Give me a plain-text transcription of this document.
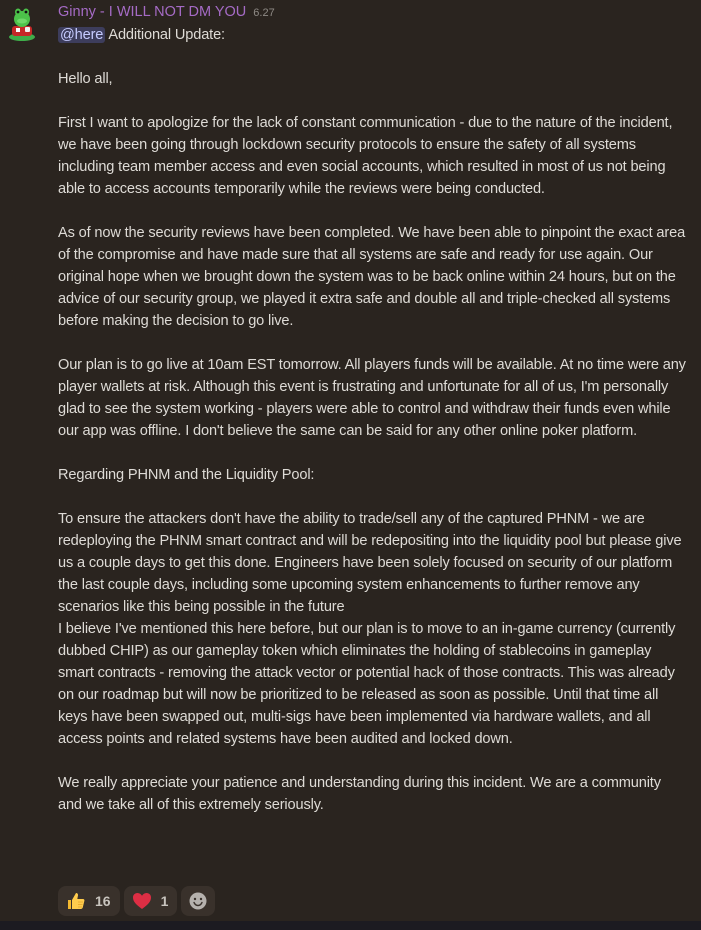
Ginny - I WILL NOT DM YOU 6.27

@here Additional Update:

Hello all,

First I want to apologize for the lack of constant communication - due to the nature of the incident, we have been going through lockdown security protocols to ensure the safety of all systems including team member access and even social accounts, which resulted in most of us not being able to access accounts temporarily while the reviews were being conducted.

As of now the security reviews have been completed. We have been able to pinpoint the exact area of the compromise and have made sure that all systems are safe and ready for use again. Our original hope when we brought down the system was to be back online within 24 hours, but on the advice of our security group, we played it extra safe and double all and triple-checked all systems before making the decision to go live.

Our plan is to go live at 10am EST tomorrow. All players funds will be available. At no time were any player wallets at risk. Although this event is frustrating and unfortunate for all of us, I'm personally glad to see the system working - players were able to control and withdraw their funds even while our app was offline. I don't believe the same can be said for any other online poker platform.

Regarding PHNM and the Liquidity Pool:

To ensure the attackers don't have the ability to trade/sell any of the captured PHNM - we are redeploying the PHNM smart contract and will be redepositing into the liquidity pool but please give us a couple days to get this done. Engineers have been solely focused on security of our platform the last couple days, including some upcoming system enhancements to further remove any scenarios like this being possible in the future

I believe I've mentioned this here before, but our plan is to move to an in-game currency (currently dubbed CHIP) as our gameplay token which eliminates the holding of stablecoins in gameplay smart contracts - removing the attack vector or potential hack of those contracts. This was already on our roadmap but will now be prioritized to be released as soon as possible. Until that time all keys have been swapped out, multi-sigs have been implemented via hardware wallets, and all access points and related systems have been audited and locked down.

We really appreciate your patience and understanding during this incident. We are a community and we take all of this extremely seriously.

16	1
